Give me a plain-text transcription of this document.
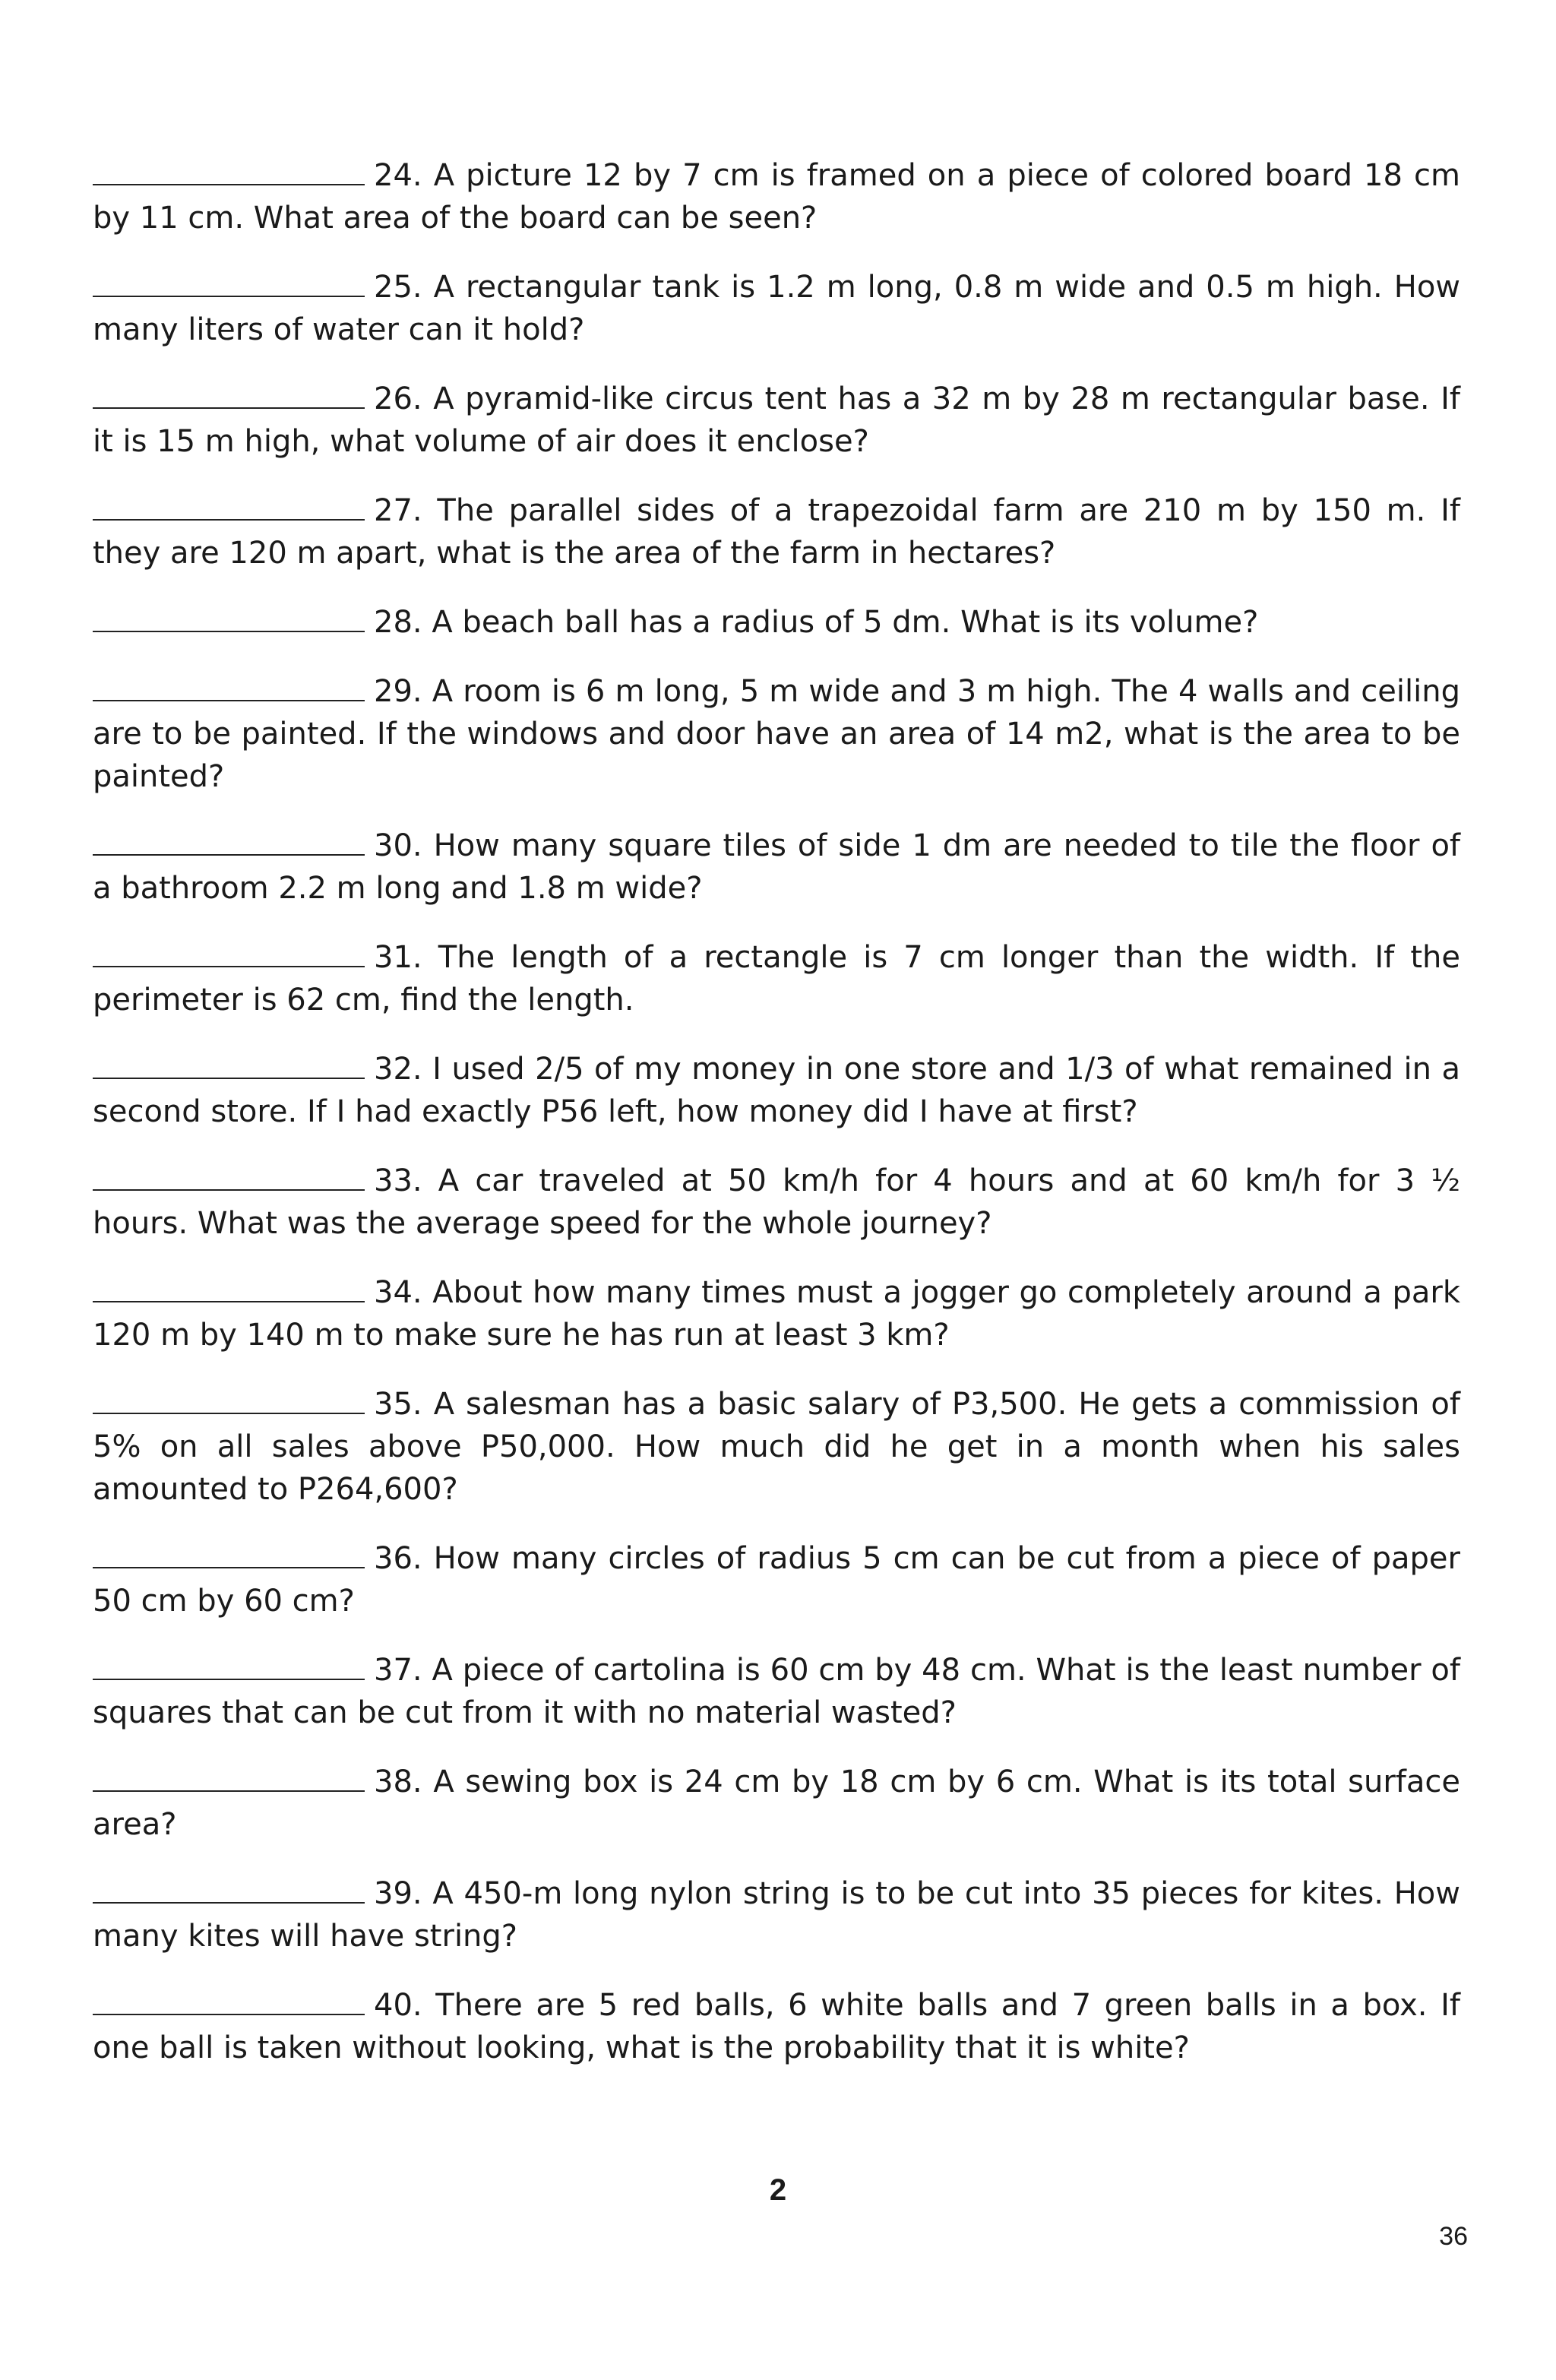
24. A picture 12 by 7 cm is framed on a piece of colored board 18 cm by 11 cm. What area of the board can be seen?
25. A rectangular tank is 1.2 m long, 0.8 m wide and 0.5 m high. How many liters of water can it hold?
26. A pyramid-like circus tent has a 32 m by 28 m rectangular base. If it is 15 m high, what volume of air does it enclose?
27. The parallel sides of a trapezoidal farm are 210 m by 150 m. If they are 120 m apart, what is the area of the farm in hectares?
28. A beach ball has a radius of 5 dm. What is its volume?
29. A room is 6 m long, 5 m wide and 3 m high. The 4 walls and ceiling are to be painted. If the windows and door have an area of 14 m2, what is the area to be painted?
30. How many square tiles of side 1 dm are needed to tile the floor of a bathroom 2.2 m long and 1.8 m wide?
31. The length of a rectangle is 7 cm longer than the width. If the perimeter is 62 cm, find the length.
32. I used 2/5 of my money in one store and 1/3 of what remained in a second store. If I had exactly P56 left, how money did I have at first?
33. A car traveled at 50 km/h for 4 hours and at 60 km/h for 3 ½ hours. What was the average speed for the whole journey?
34. About how many times must a jogger go completely around a park 120 m by 140 m to make sure he has run at least 3 km?
35. A salesman has a basic salary of P3,500. He gets a commission of 5% on all sales above P50,000. How much did he get in a month when his sales amounted to P264,600?
36. How many circles of radius 5 cm can be cut from a piece of paper 50 cm by 60 cm?
37. A piece of cartolina is 60 cm by 48 cm. What is the least number of squares that can be cut from it with no material wasted?
38. A sewing box is 24 cm by 18 cm by 6 cm. What is its total surface area?
39. A 450-m long nylon string is to be cut into 35 pieces for kites. How many kites will have string?
40. There are 5 red balls, 6 white balls and 7 green balls in a box. If one ball is taken without looking, what is the probability that it is white?
2
36
